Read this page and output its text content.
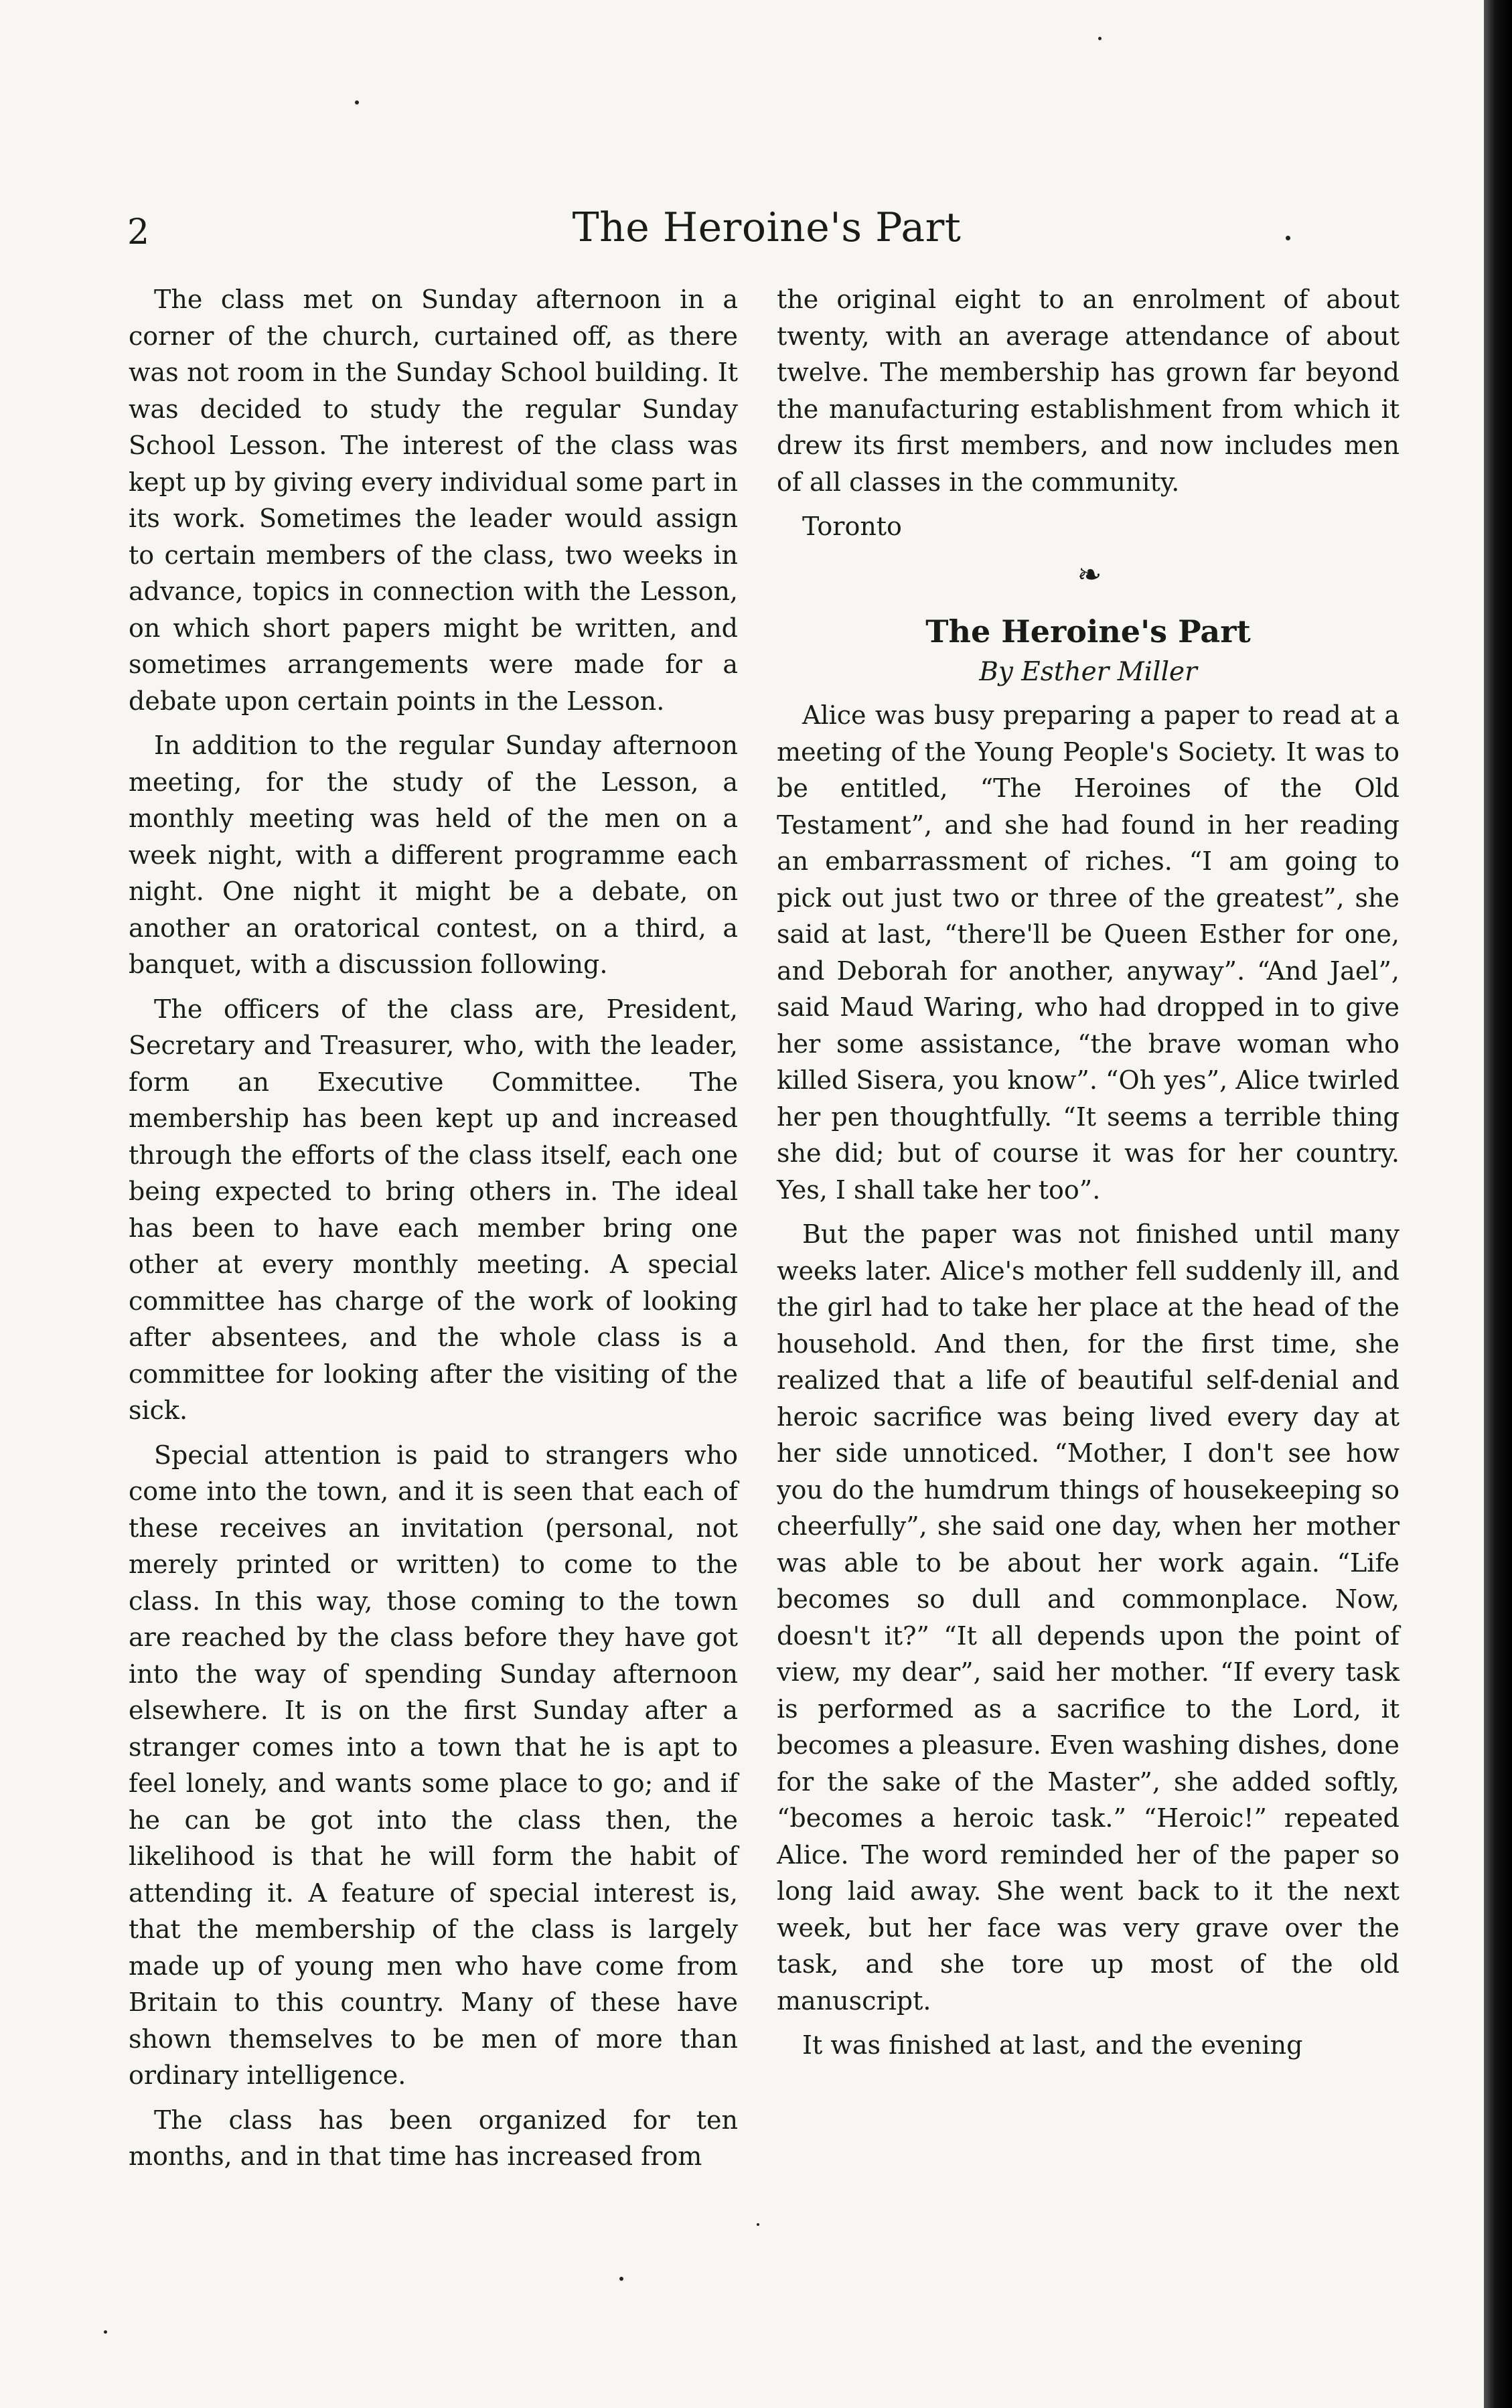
2	The Heroine's Part

The class met on Sunday afternoon in a corner of the church, curtained off, as there was not room in the Sunday School building. It was decided to study the regular Sunday School Lesson. The interest of the class was kept up by giving every individual some part in its work. Sometimes the leader would assign to certain members of the class, two weeks in advance, topics in connection with the Lesson, on which short papers might be written, and sometimes arrangements were made for a debate upon certain points in the Lesson.

In addition to the regular Sunday afternoon meeting, for the study of the Lesson, a monthly meeting was held of the men on a week night, with a different programme each night. One night it might be a debate, on another an oratorical contest, on a third, a banquet, with a discussion following.

The officers of the class are, President, Secretary and Treasurer, who, with the leader, form an Executive Committee. The membership has been kept up and increased through the efforts of the class itself, each one being expected to bring others in. The ideal has been to have each member bring one other at every monthly meeting. A special committee has charge of the work of looking after absentees, and the whole class is a committee for looking after the visiting of the sick.

Special attention is paid to strangers who come into the town, and it is seen that each of these receives an invitation (personal, not merely printed or written) to come to the class. In this way, those coming to the town are reached by the class before they have got into the way of spending Sunday afternoon elsewhere. It is on the first Sunday after a stranger comes into a town that he is apt to feel lonely, and wants some place to go; and if he can be got into the class then, the likelihood is that he will form the habit of attending it. A feature of special interest is, that the membership of the class is largely made up of young men who have come from Britain to this country. Many of these have shown themselves to be men of more than ordinary intelligence.

The class has been organized for ten months, and in that time has increased from

the original eight to an enrolment of about twenty, with an average attendance of about twelve. The membership has grown far beyond the manufacturing establishment from which it drew its first members, and now includes men of all classes in the community.

Toronto

❧
The Heroine's Part
By Esther Miller

Alice was busy preparing a paper to read at a meeting of the Young People's Society. It was to be entitled, “The Heroines of the Old Testament”, and she had found in her reading an embarrassment of riches. “I am going to pick out just two or three of the greatest”, she said at last, “there'll be Queen Esther for one, and Deborah for another, anyway”. “And Jael”, said Maud Waring, who had dropped in to give her some assistance, “the brave woman who killed Sisera, you know”. “Oh yes”, Alice twirled her pen thoughtfully. “It seems a terrible thing she did; but of course it was for her country. Yes, I shall take her too”.

But the paper was not finished until many weeks later. Alice's mother fell suddenly ill, and the girl had to take her place at the head of the household. And then, for the first time, she realized that a life of beautiful self-denial and heroic sacrifice was being lived every day at her side unnoticed. “Mother, I don't see how you do the humdrum things of housekeeping so cheerfully”, she said one day, when her mother was able to be about her work again. “Life becomes so dull and commonplace. Now, doesn't it?” “It all depends upon the point of view, my dear”, said her mother. “If every task is performed as a sacrifice to the Lord, it becomes a pleasure. Even washing dishes, done for the sake of the Master”, she added softly, “becomes a heroic task.” “Heroic!” repeated Alice. The word reminded her of the paper so long laid away. She went back to it the next week, but her face was very grave over the task, and she tore up most of the old manuscript.

It was finished at last, and the evening
